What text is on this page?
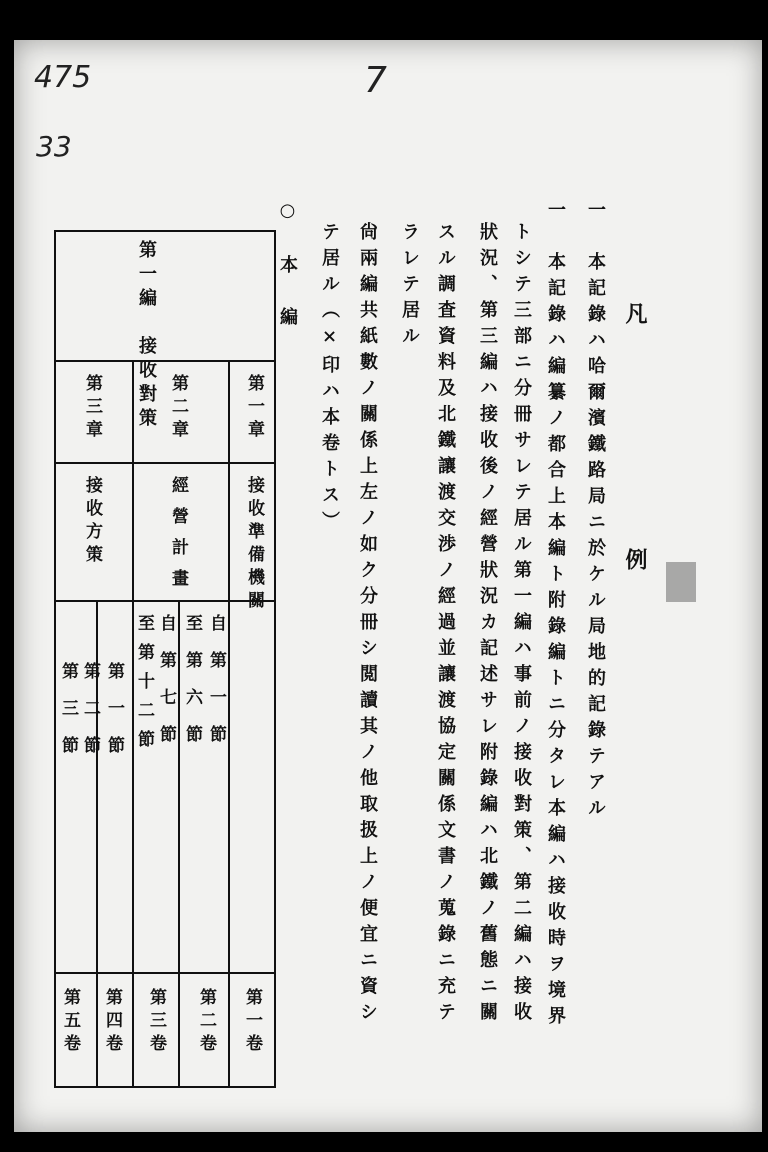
475
33
7
凡　　例
一　本記錄ハ哈爾濱鐵路局ニ於ケル局地的記錄テアル
一　本記錄ハ編纂ノ都合上本編ト附錄編トニ分タレ本編ハ接收時ヲ境界
トシテ三部ニ分冊サレテ居ル第一編ハ事前ノ接收對策、第二編ハ接收
狀況、第三編ハ接收後ノ經營狀況カ記述サレ附錄編ハ北鐵ノ舊態ニ關
スル調査資料及北鐵讓渡交渉ノ經過並讓渡協定關係文書ノ蒐錄ニ充テ
ラレテ居ル
尙兩編共紙數ノ關係上左ノ如ク分冊シ閲讀其ノ他取扱上ノ便宜ニ資シ
テ居ル（×印ハ本卷トス）
○　本　編
第一編　接收對策	第一章
第二章
第三章
接收準備機關
經營計畫
接收方策
自第一節
至第六節
自第七節
至第十二節
第一節
第二節
第三節
第一卷
第二卷
第三卷
第四卷
第五卷
